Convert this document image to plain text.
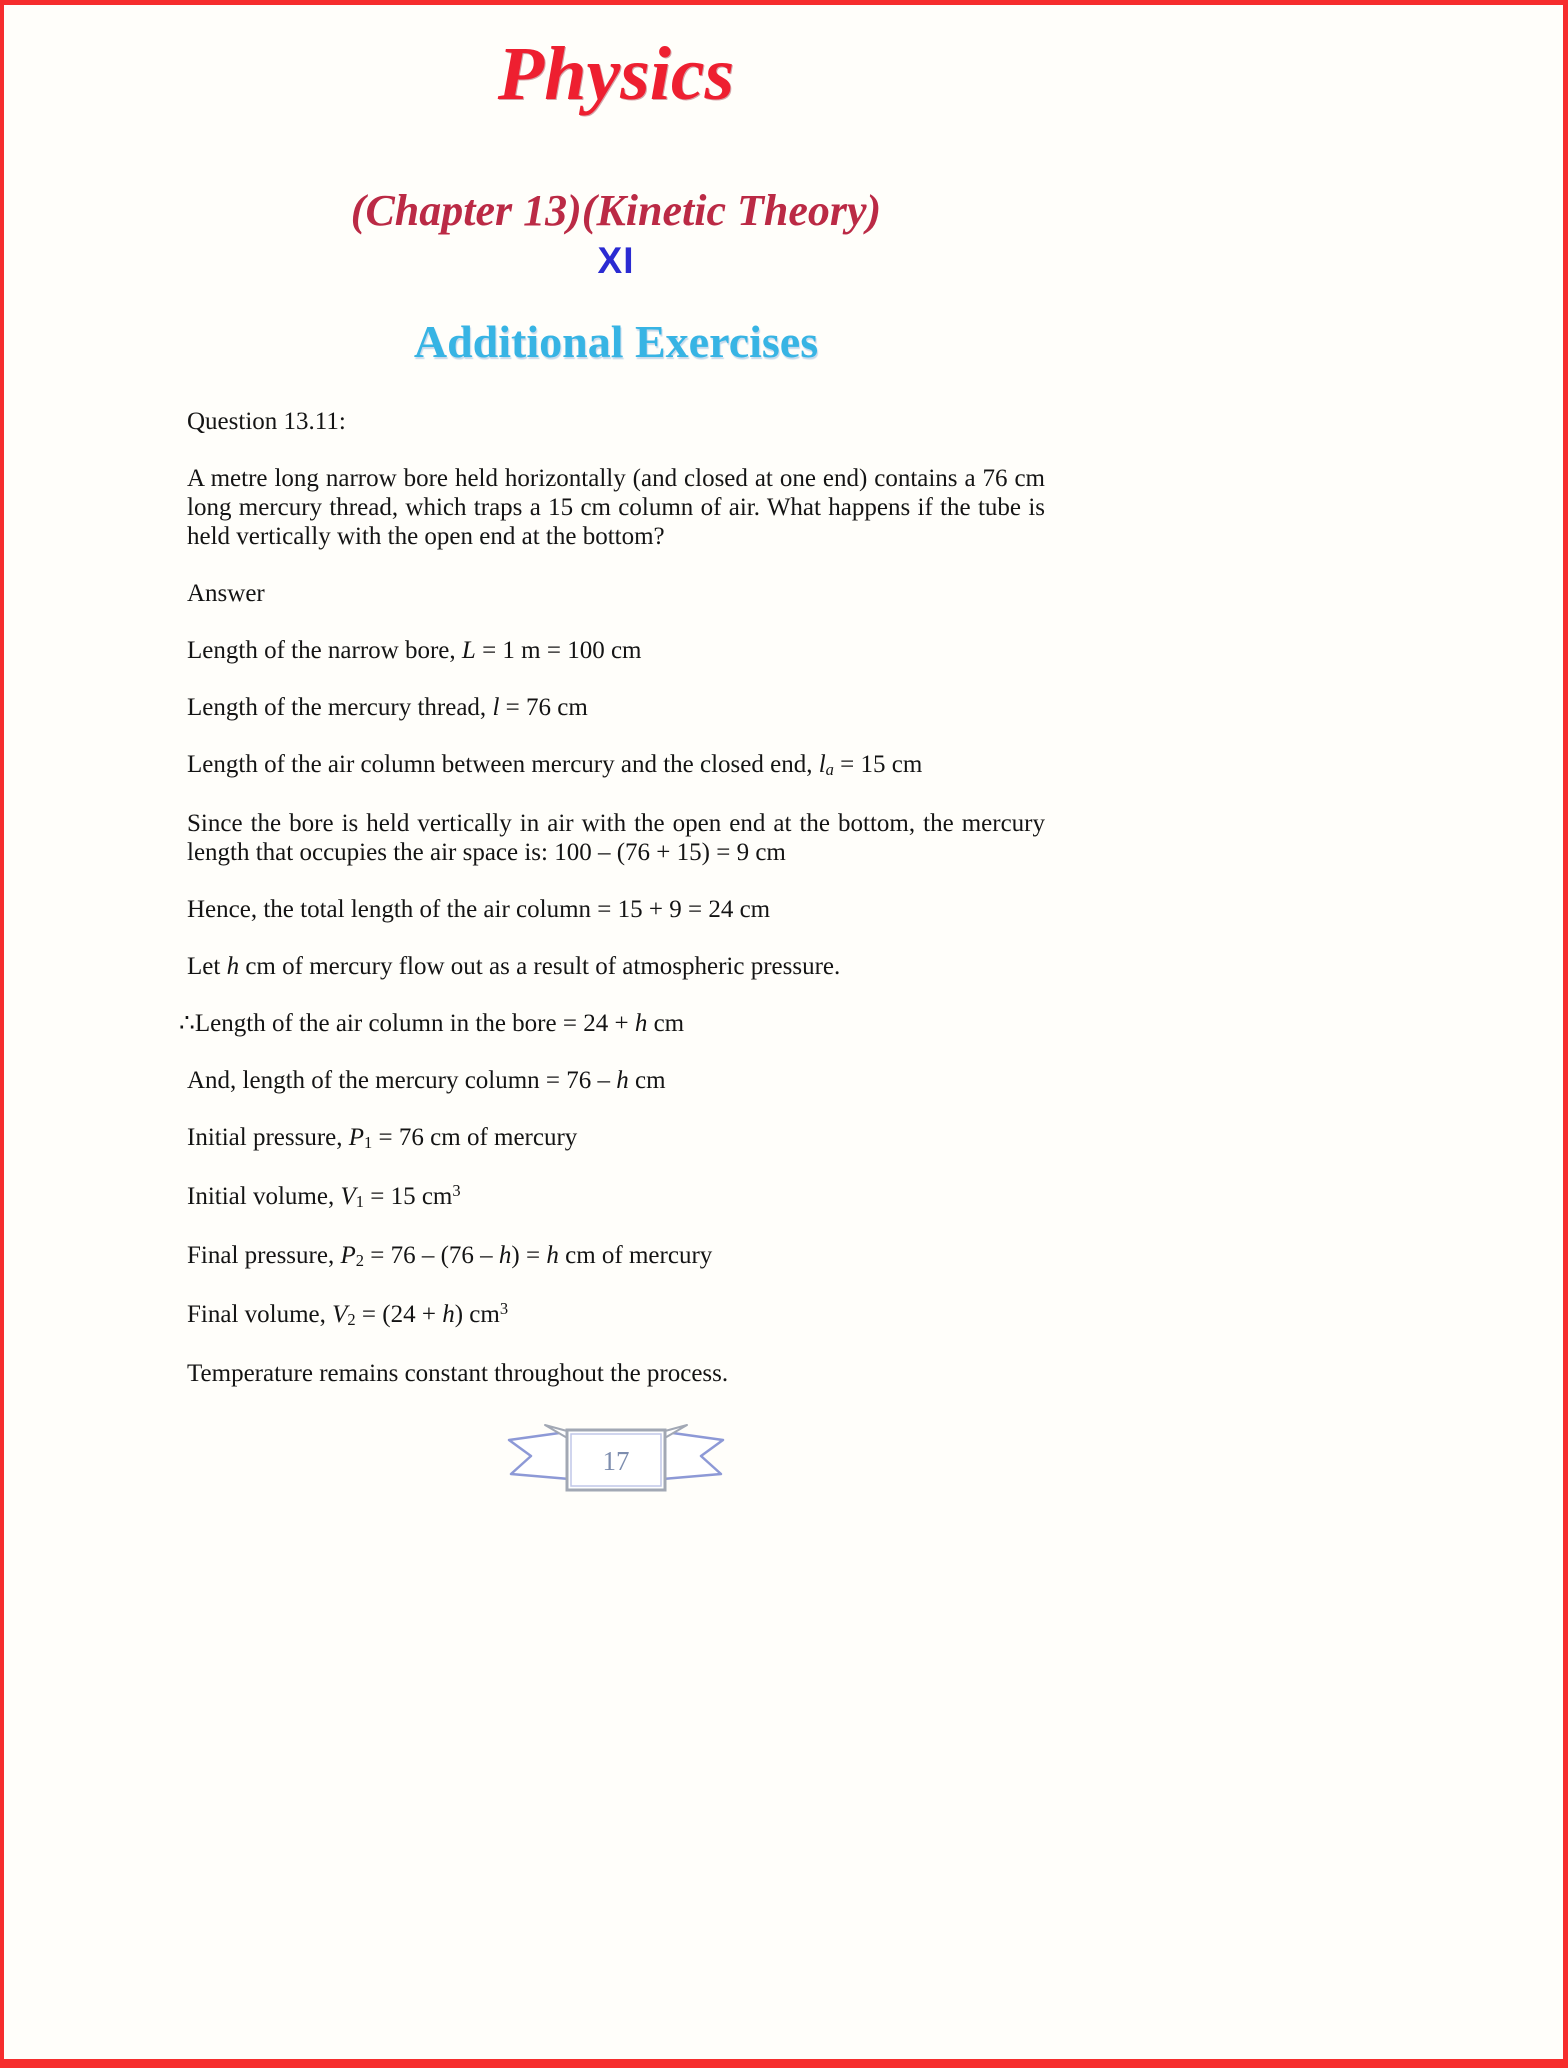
Physics
(Chapter 13)(Kinetic Theory)
XI
Additional Exercises

Question 13.11:

A metre long narrow bore held horizontally (and closed at one end) contains a 76 cm long mercury thread, which traps a 15 cm column of air. What happens if the tube is held vertically with the open end at the bottom?

Answer

Length of the narrow bore, L = 1 m = 100 cm

Length of the mercury thread, l = 76 cm

Length of the air column between mercury and the closed end, la = 15 cm

Since the bore is held vertically in air with the open end at the bottom, the mercury length that occupies the air space is: 100 – (76 + 15) = 9 cm

Hence, the total length of the air column = 15 + 9 = 24 cm

Let h cm of mercury flow out as a result of atmospheric pressure.

∴Length of the air column in the bore = 24 + h cm

And, length of the mercury column = 76 – h cm

Initial pressure, P1 = 76 cm of mercury

Initial volume, V1 = 15 $cm^3$

Final pressure, P2 = 76 – (76 – h) = h cm of mercury

Final volume, V2 = (24 + h) $cm^3$

Temperature remains constant throughout the process.

17
